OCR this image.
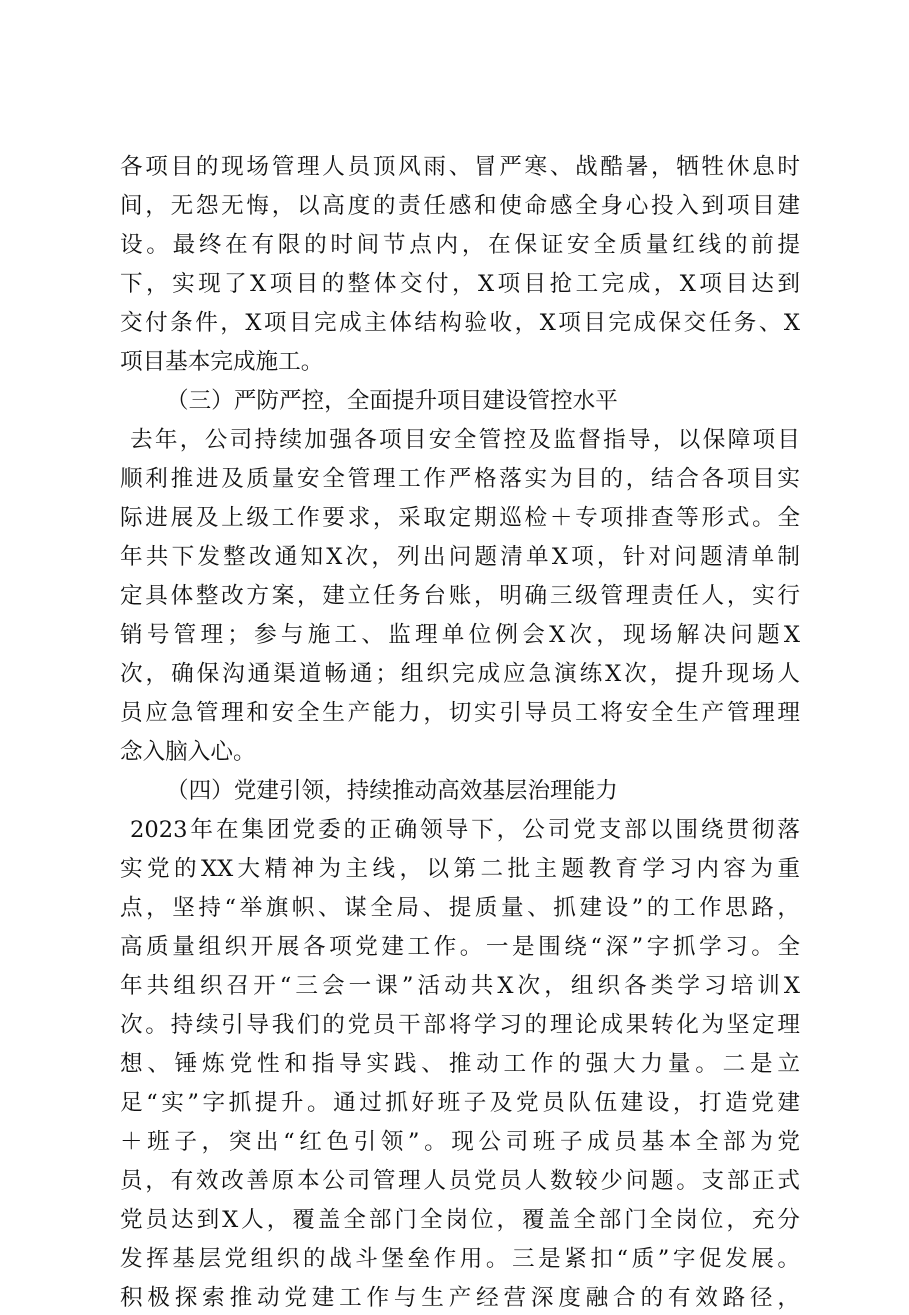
各项目的现场管理人员顶风雨、冒严寒、战酷暑，牺牲休息时
间，无怨无悔，以高度的责任感和使命感全身心投入到项目建
设。最终在有限的时间节点内，在保证安全质量红线的前提
下，实现了X项目的整体交付，X项目抢工完成，X项目达到
交付条件，X项目完成主体结构验收，X项目完成保交任务、X
项目基本完成施工。
（三）严防严控，全面提升项目建设管控水平
去年，公司持续加强各项目安全管控及监督指导，以保障项目
顺利推进及质量安全管理工作严格落实为目的，结合各项目实
际进展及上级工作要求，采取定期巡检＋专项排查等形式。全
年共下发整改通知X次，列出问题清单X项，针对问题清单制
定具体整改方案，建立任务台账，明确三级管理责任人，实行
销号管理；参与施工、监理单位例会X次，现场解决问题X
次，确保沟通渠道畅通；组织完成应急演练X次，提升现场人
员应急管理和安全生产能力，切实引导员工将安全生产管理理
念入脑入心。
（四）党建引领，持续推动高效基层治理能力
2023年在集团党委的正确领导下，公司党支部以围绕贯彻落
实党的XX大精神为主线，以第二批主题教育学习内容为重
点，坚持“举旗帜、谋全局、提质量、抓建设”的工作思路，
高质量组织开展各项党建工作。一是围绕“深”字抓学习。全
年共组织召开“三会一课”活动共X次，组织各类学习培训X
次。持续引导我们的党员干部将学习的理论成果转化为坚定理
想、锤炼党性和指导实践、推动工作的强大力量。二是立
足“实”字抓提升。通过抓好班子及党员队伍建设，打造党建
＋班子，突出“红色引领”。现公司班子成员基本全部为党
员，有效改善原本公司管理人员党员人数较少问题。支部正式
党员达到X人，覆盖全部门全岗位，覆盖全部门全岗位，充分
发挥基层党组织的战斗堡垒作用。三是紧扣“质”字促发展。
积极探索推动党建工作与生产经营深度融合的有效路径，
